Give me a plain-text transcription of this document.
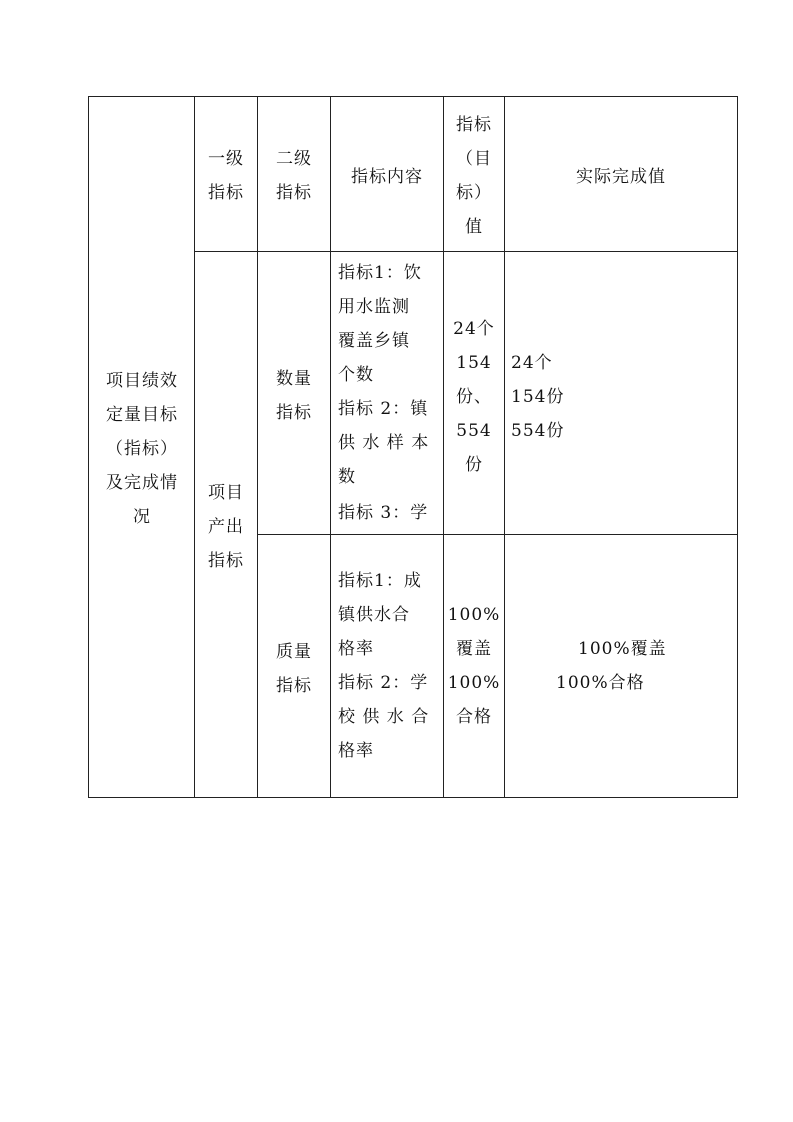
项目绩效
定量目标
（指标）
及完成情
况
一级
指标
二级
指标
指标内容
指标
（目
标）
值
实际完成值
项目
产出
指标
数量
指标
指标1：饮
用水监测
覆盖乡镇
个数
指标 2：镇
供 水 样 本
数
指标 3：学
24个
154
份、
554
份
24个
154份
554份
质量
指标
指标1：成
镇供水合
格率
指标 2：学
校 供 水 合
格率
100%
覆盖
100%
合格
100%覆盖
100%合格
